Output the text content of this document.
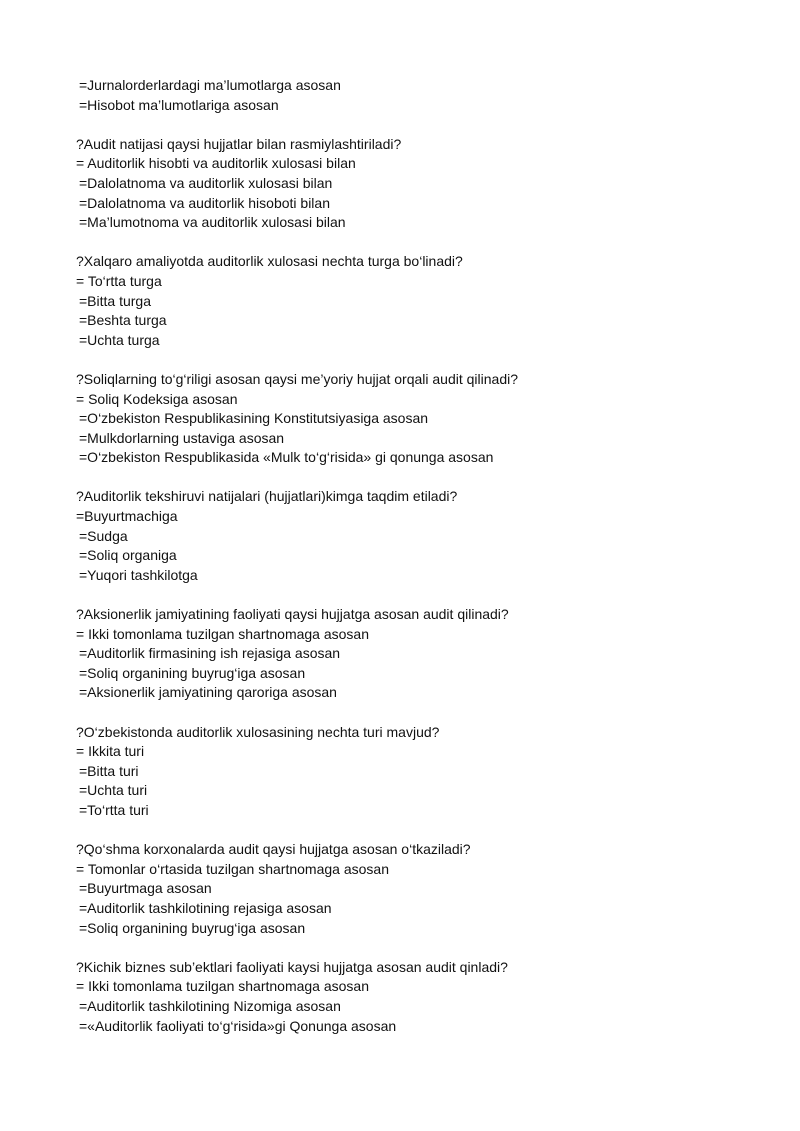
=Jurnalorderlardagi ma’lumotlarga asosan
=Hisobot ma’lumotlariga asosan
?Audit natijasi qaysi hujjatlar bilan rasmiylashtiriladi?
= Auditorlik hisobti va auditorlik xulosasi bilan
=Dalolatnoma va auditorlik xulosasi bilan
=Dalolatnoma va auditorlik hisoboti bilan
=Ma’lumotnoma va auditorlik xulosasi bilan
?Xalqaro amaliyotda auditorlik xulosasi nechta turga bo‘linadi?
= To‘rtta turga
=Bitta turga
=Beshta turga
=Uchta turga
?Soliqlarning to‘g‘riligi asosan qaysi me’yoriy hujjat orqali audit qilinadi?
= Soliq Kodeksiga asosan
=O‘zbekiston Respublikasining Konstitutsiyasiga asosan
=Mulkdorlarning ustaviga asosan
=O‘zbekiston Respublikasida «Mulk to‘g‘risida» gi qonunga asosan
?Auditorlik tekshiruvi natijalari (hujjatlari)kimga taqdim etiladi?
=Buyurtmachiga
=Sudga
=Soliq organiga
=Yuqori tashkilotga
?Aksionerlik jamiyatining faoliyati qaysi hujjatga asosan audit qilinadi?
= Ikki tomonlama tuzilgan shartnomaga asosan
=Auditorlik firmasining ish rejasiga asosan
=Soliq organining buyrug‘iga asosan
=Aksionerlik jamiyatining qaroriga asosan
?O‘zbekistonda auditorlik xulosasining nechta turi mavjud?
= Ikkita turi
=Bitta turi
=Uchta turi
=To‘rtta turi
?Qo‘shma korxonalarda audit qaysi hujjatga asosan o‘tkaziladi?
= Tomonlar o‘rtasida tuzilgan shartnomaga asosan
=Buyurtmaga asosan
=Auditorlik tashkilotining rejasiga asosan
=Soliq organining buyrug‘iga asosan
?Kichik biznes sub’ektlari faoliyati kaysi hujjatga asosan audit qinladi?
= Ikki tomonlama tuzilgan shartnomaga asosan
=Auditorlik tashkilotining Nizomiga asosan
=«Auditorlik faoliyati to‘g‘risida»gi Qonunga asosan
